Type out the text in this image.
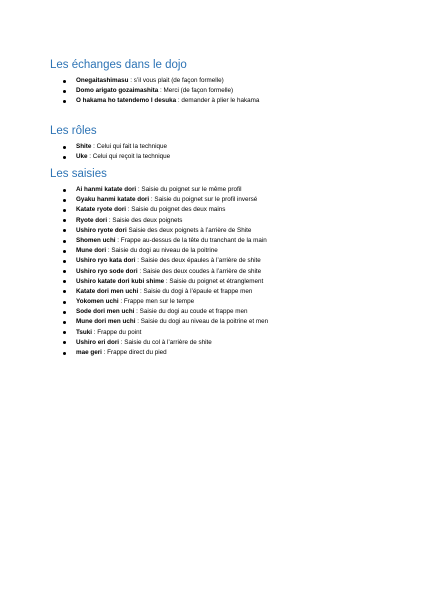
Les échanges dans le dojo
Onegaitashimasu : s’il vous plait (de façon formelle)
Domo arigato gozaimashita : Merci (de façon formelle)
O hakama ho tatendemo I desuka : demander à plier le hakama
Les rôles
Shite : Celui qui fait la technique
Uke : Celui qui reçoit la technique
Les saisies
Ai hanmi katate dori : Saisie du poignet sur le même profil
Gyaku hanmi katate dori : Saisie du poignet sur le profil inversé
Katate ryote dori : Saisie du poignet des deux mains
Ryote dori : Saisie des deux poignets
Ushiro ryote dori Saisie des deux poignets à l’arrière de Shite
Shomen uchi : Frappe au-dessus de la tête du tranchant de la main
Mune dori : Saisie du dogi au niveau de la poitrine
Ushiro ryo kata dori : Saisie des deux épaules à l’arrière de shite
Ushiro ryo sode dori : Saisie des deux coudes à l’arrière de shite
Ushiro katate dori kubi shime : Saisie du poignet et étranglement
Katate dori men uchi : Saisie du dogi à l’épaule et frappe men
Yokomen uchi : Frappe men sur le tempe
Sode dori men uchi : Saisie du dogi au coude et frappe men
Mune dori men uchi : Saisie du dogi au niveau de la poitrine et men
Tsuki : Frappe du point
Ushiro eri dori : Saisie du col à l’arrière de shite
mae geri : Frappe direct du pied
